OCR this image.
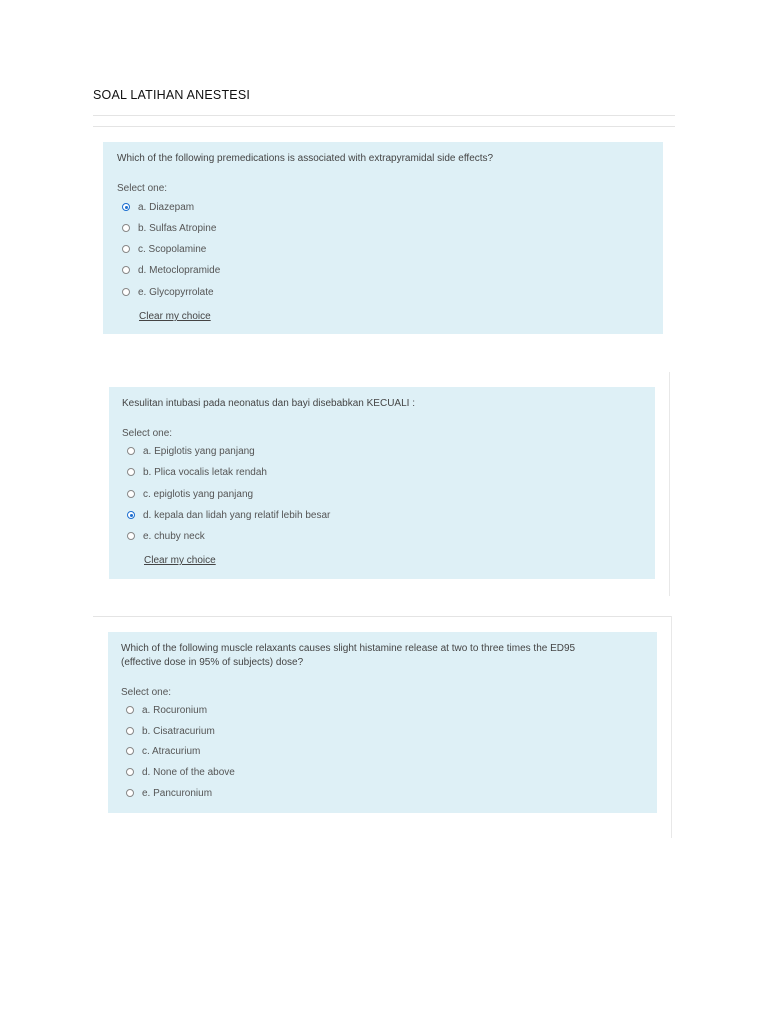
SOAL LATIHAN ANESTESI
Which of the following premedications is associated with extrapyramidal side effects?
Select one:
a. Diazepam
b. Sulfas Atropine
c. Scopolamine
d. Metoclopramide
e. Glycopyrrolate
Clear my choice
Kesulitan intubasi pada neonatus dan bayi disebabkan KECUALI :
Select one:
a. Epiglotis yang panjang
b. Plica vocalis letak rendah
c. epiglotis yang panjang
d. kepala dan lidah yang relatif lebih besar
e. chuby neck
Clear my choice
Which of the following muscle relaxants causes slight histamine release at two to three times the ED95
(effective dose in 95% of subjects) dose?
Select one:
a. Rocuronium
b. Cisatracurium
c. Atracurium
d. None of the above
e. Pancuronium
